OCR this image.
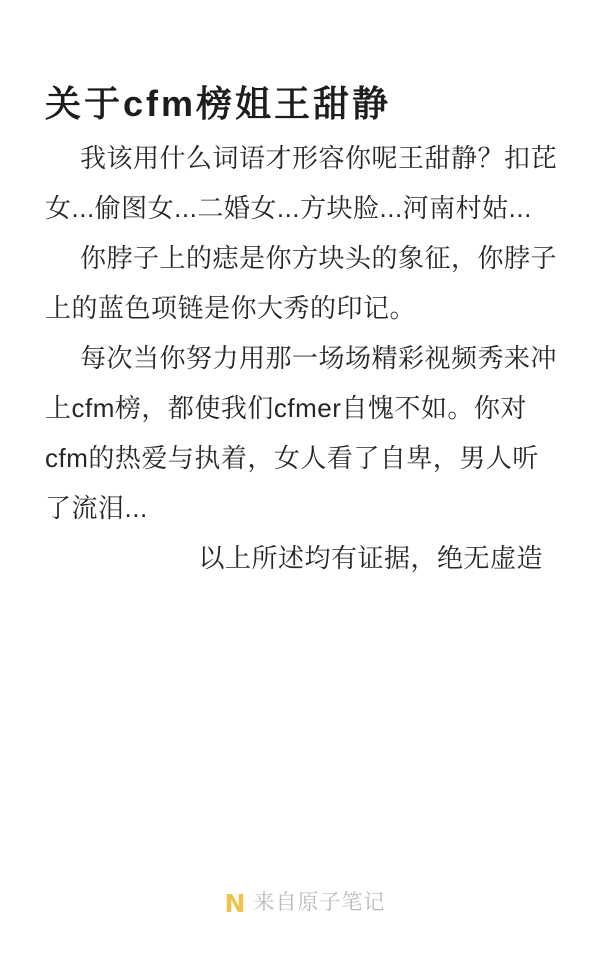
关于cfm榜姐王甜静
我该用什么词语才形容你呢王甜静？扣芘
女...偷图女...二婚女...方块脸...河南村姑...
你脖子上的痣是你方块头的象征，你脖子
上的蓝色项链是你大秀的印记。
每次当你努力用那一场场精彩视频秀来冲
上cfm榜，都使我们cfmer自愧不如。你对
cfm的热爱与执着，女人看了自卑，男人听
了流泪...
以上所述均有证据，绝无虚造
N 来自原子笔记
